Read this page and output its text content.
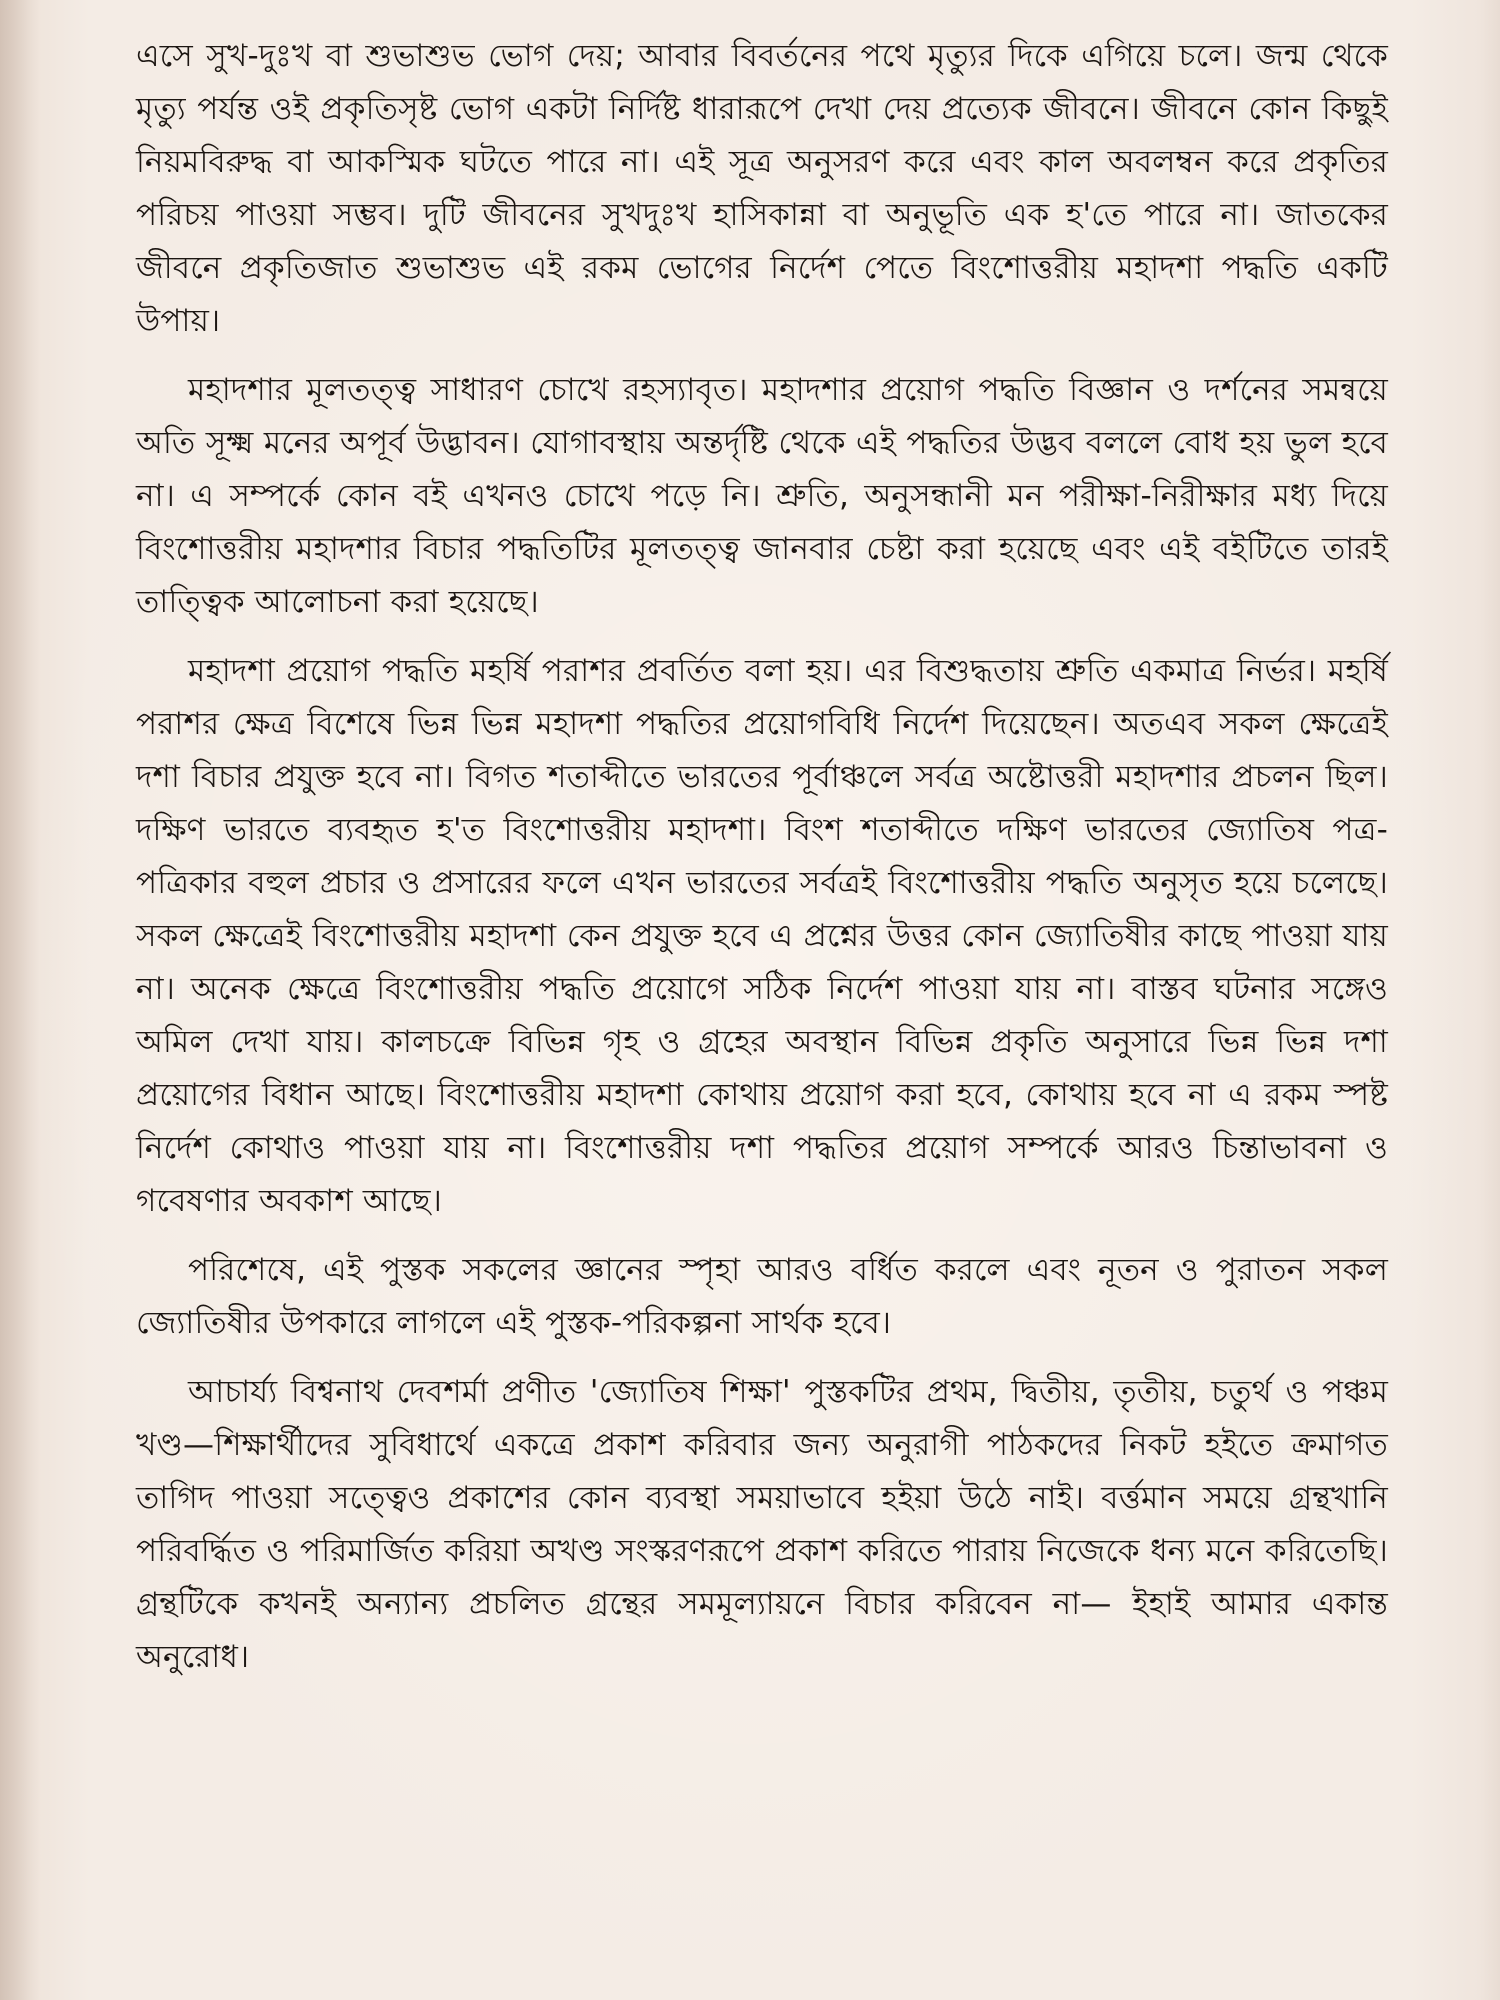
এসে সুখ-দুঃখ বা শুভাশুভ ভোগ দেয়; আবার বিবর্তনের পথে মৃত্যুর দিকে এগিয়ে চলে। জন্ম থেকে মৃত্যু পর্যন্ত ওই প্রকৃতিসৃষ্ট ভোগ একটা নির্দিষ্ট ধারারূপে দেখা দেয় প্রত্যেক জীবনে। জীবনে কোন কিছুই নিয়মবিরুদ্ধ বা আকস্মিক ঘটতে পারে না। এই সূত্র অনুসরণ করে এবং কাল অবলম্বন করে প্রকৃতির পরিচয় পাওয়া সম্ভব। দুটি জীবনের সুখদুঃখ হাসিকান্না বা অনুভূতি এক হ'তে পারে না। জাতকের জীবনে প্রকৃতিজাত শুভাশুভ এই রকম ভোগের নির্দেশ পেতে বিংশোত্তরীয় মহাদশা পদ্ধতি একটি উপায়।

মহাদশার মূলতত্ত্ব সাধারণ চোখে রহস্যাবৃত। মহাদশার প্রয়োগ পদ্ধতি বিজ্ঞান ও দর্শনের সমন্বয়ে অতি সূক্ষ্ম মনের অপূর্ব উদ্ভাবন। যোগাবস্থায় অন্তর্দৃষ্টি থেকে এই পদ্ধতির উদ্ভব বললে বোধ হয় ভুল হবে না। এ সম্পর্কে কোন বই এখনও চোখে পড়ে নি। শ্রুতি, অনুসন্ধানী মন পরীক্ষা-নিরীক্ষার মধ্য দিয়ে বিংশোত্তরীয় মহাদশার বিচার পদ্ধতিটির মূলতত্ত্ব জানবার চেষ্টা করা হয়েছে এবং এই বইটিতে তারই তাত্ত্বিক আলোচনা করা হয়েছে।

মহাদশা প্রয়োগ পদ্ধতি মহর্ষি পরাশর প্রবর্তিত বলা হয়। এর বিশুদ্ধতায় শ্রুতি একমাত্র নির্ভর। মহর্ষি পরাশর ক্ষেত্র বিশেষে ভিন্ন ভিন্ন মহাদশা পদ্ধতির প্রয়োগবিধি নির্দেশ দিয়েছেন। অতএব সকল ক্ষেত্রেই দশা বিচার প্রযুক্ত হবে না। বিগত শতাব্দীতে ভারতের পূর্বাঞ্চলে সর্বত্র অষ্টোত্তরী মহাদশার প্রচলন ছিল। দক্ষিণ ভারতে ব্যবহৃত হ'ত বিংশোত্তরীয় মহাদশা। বিংশ শতাব্দীতে দক্ষিণ ভারতের জ্যোতিষ পত্র-পত্রিকার বহুল প্রচার ও প্রসারের ফলে এখন ভারতের সর্বত্রই বিংশোত্তরীয় পদ্ধতি অনুসৃত হয়ে চলেছে। সকল ক্ষেত্রেই বিংশোত্তরীয় মহাদশা কেন প্রযুক্ত হবে এ প্রশ্নের উত্তর কোন জ্যোতিষীর কাছে পাওয়া যায় না। অনেক ক্ষেত্রে বিংশোত্তরীয় পদ্ধতি প্রয়োগে সঠিক নির্দেশ পাওয়া যায় না। বাস্তব ঘটনার সঙ্গেও অমিল দেখা যায়। কালচক্রে বিভিন্ন গৃহ ও গ্রহের অবস্থান বিভিন্ন প্রকৃতি অনুসারে ভিন্ন ভিন্ন দশা প্রয়োগের বিধান আছে। বিংশোত্তরীয় মহাদশা কোথায় প্রয়োগ করা হবে, কোথায় হবে না এ রকম স্পষ্ট নির্দেশ কোথাও পাওয়া যায় না। বিংশোত্তরীয় দশা পদ্ধতির প্রয়োগ সম্পর্কে আরও চিন্তাভাবনা ও গবেষণার অবকাশ আছে।

পরিশেষে, এই পুস্তক সকলের জ্ঞানের স্পৃহা আরও বর্ধিত করলে এবং নূতন ও পুরাতন সকল জ্যোতিষীর উপকারে লাগলে এই পুস্তক-পরিকল্পনা সার্থক হবে।

আচার্য্য বিশ্বনাথ দেবশর্মা প্রণীত 'জ্যোতিষ শিক্ষা' পুস্তকটির প্রথম, দ্বিতীয়, তৃতীয়, চতুর্থ ও পঞ্চম খণ্ড—শিক্ষার্থীদের সুবিধার্থে একত্রে প্রকাশ করিবার জন্য অনুরাগী পাঠকদের নিকট হইতে ক্রমাগত তাগিদ পাওয়া সত্ত্বেও প্রকাশের কোন ব্যবস্থা সময়াভাবে হইয়া উঠে নাই। বর্ত্তমান সময়ে গ্রন্থখানি পরিবর্দ্ধিত ও পরিমার্জিত করিয়া অখণ্ড সংস্করণরূপে প্রকাশ করিতে পারায় নিজেকে ধন্য মনে করিতেছি। গ্রন্থটিকে কখনই অন্যান্য প্রচলিত গ্রন্থের সমমূল্যায়নে বিচার করিবেন না— ইহাই আমার একান্ত অনুরোধ।
